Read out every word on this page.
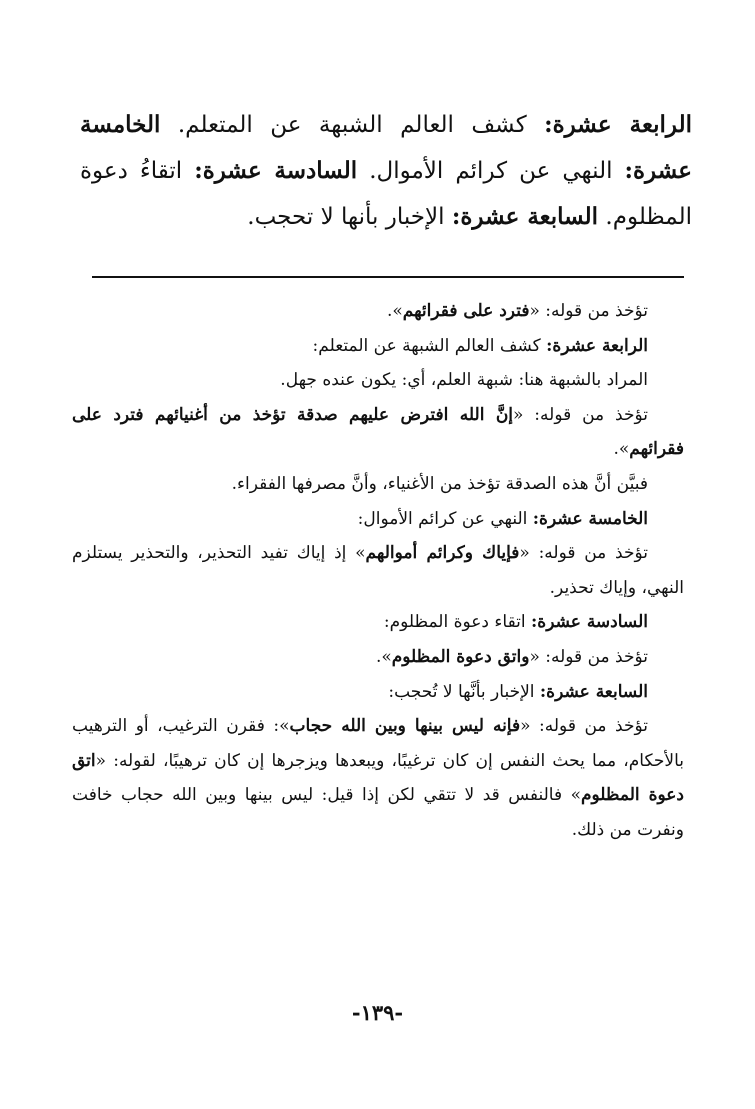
الرابعة عشرة: كشف العالم الشبهة عن المتعلم. الخامسة عشرة: النهي عن كرائم الأموال. السادسة عشرة: اتقاءُ دعوة المظلوم. السابعة عشرة: الإخبار بأنها لا تحجب.

تؤخذ من قوله: «فترد على فقرائهم».

الرابعة عشرة: كشف العالم الشبهة عن المتعلم:

المراد بالشبهة هنا: شبهة العلم، أي: يكون عنده جهل.

تؤخذ من قوله: «إنَّ الله افترض عليهم صدقة تؤخذ من أغنيائهم فترد على فقرائهم».

فبيَّن أنَّ هذه الصدقة تؤخذ من الأغنياء، وأنَّ مصرفها الفقراء.

الخامسة عشرة: النهي عن كرائم الأموال:

تؤخذ من قوله: «فإياك وكرائم أموالهم» إذ إياك تفيد التحذير، والتحذير يستلزم النهي، وإياك تحذير.

السادسة عشرة: اتقاء دعوة المظلوم:

تؤخذ من قوله: «واتق دعوة المظلوم».

السابعة عشرة: الإخبار بأنَّها لا تُحجب:

تؤخذ من قوله: «فإنه ليس بينها وبين الله حجاب»: فقرن الترغيب، أو الترهيب بالأحكام، مما يحث النفس إن كان ترغيبًا، ويبعدها ويزجرها إن كان ترهيبًا، لقوله: «اتق دعوة المظلوم» فالنفس قد لا تتقي لكن إذا قيل: ليس بينها وبين الله حجاب خافت ونفرت من ذلك.

-١٣٩-
